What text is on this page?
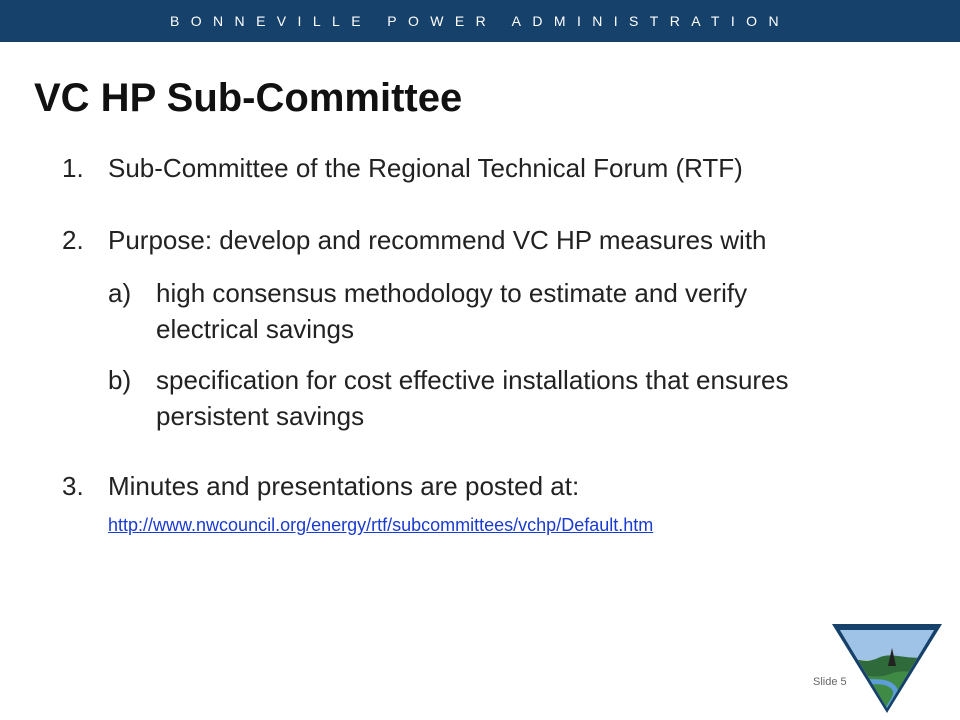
BONNEVILLE POWER ADMINISTRATION
VC HP Sub-Committee
1. Sub-Committee of the Regional Technical Forum (RTF)
2. Purpose: develop and recommend VC HP measures with
a) high consensus methodology to estimate and verify
electrical savings
b) specification for cost effective installations that ensures
persistent savings
3. Minutes and presentations are posted at:
http://www.nwcouncil.org/energy/rtf/subcommittees/vchp/Default.htm
Slide 5
